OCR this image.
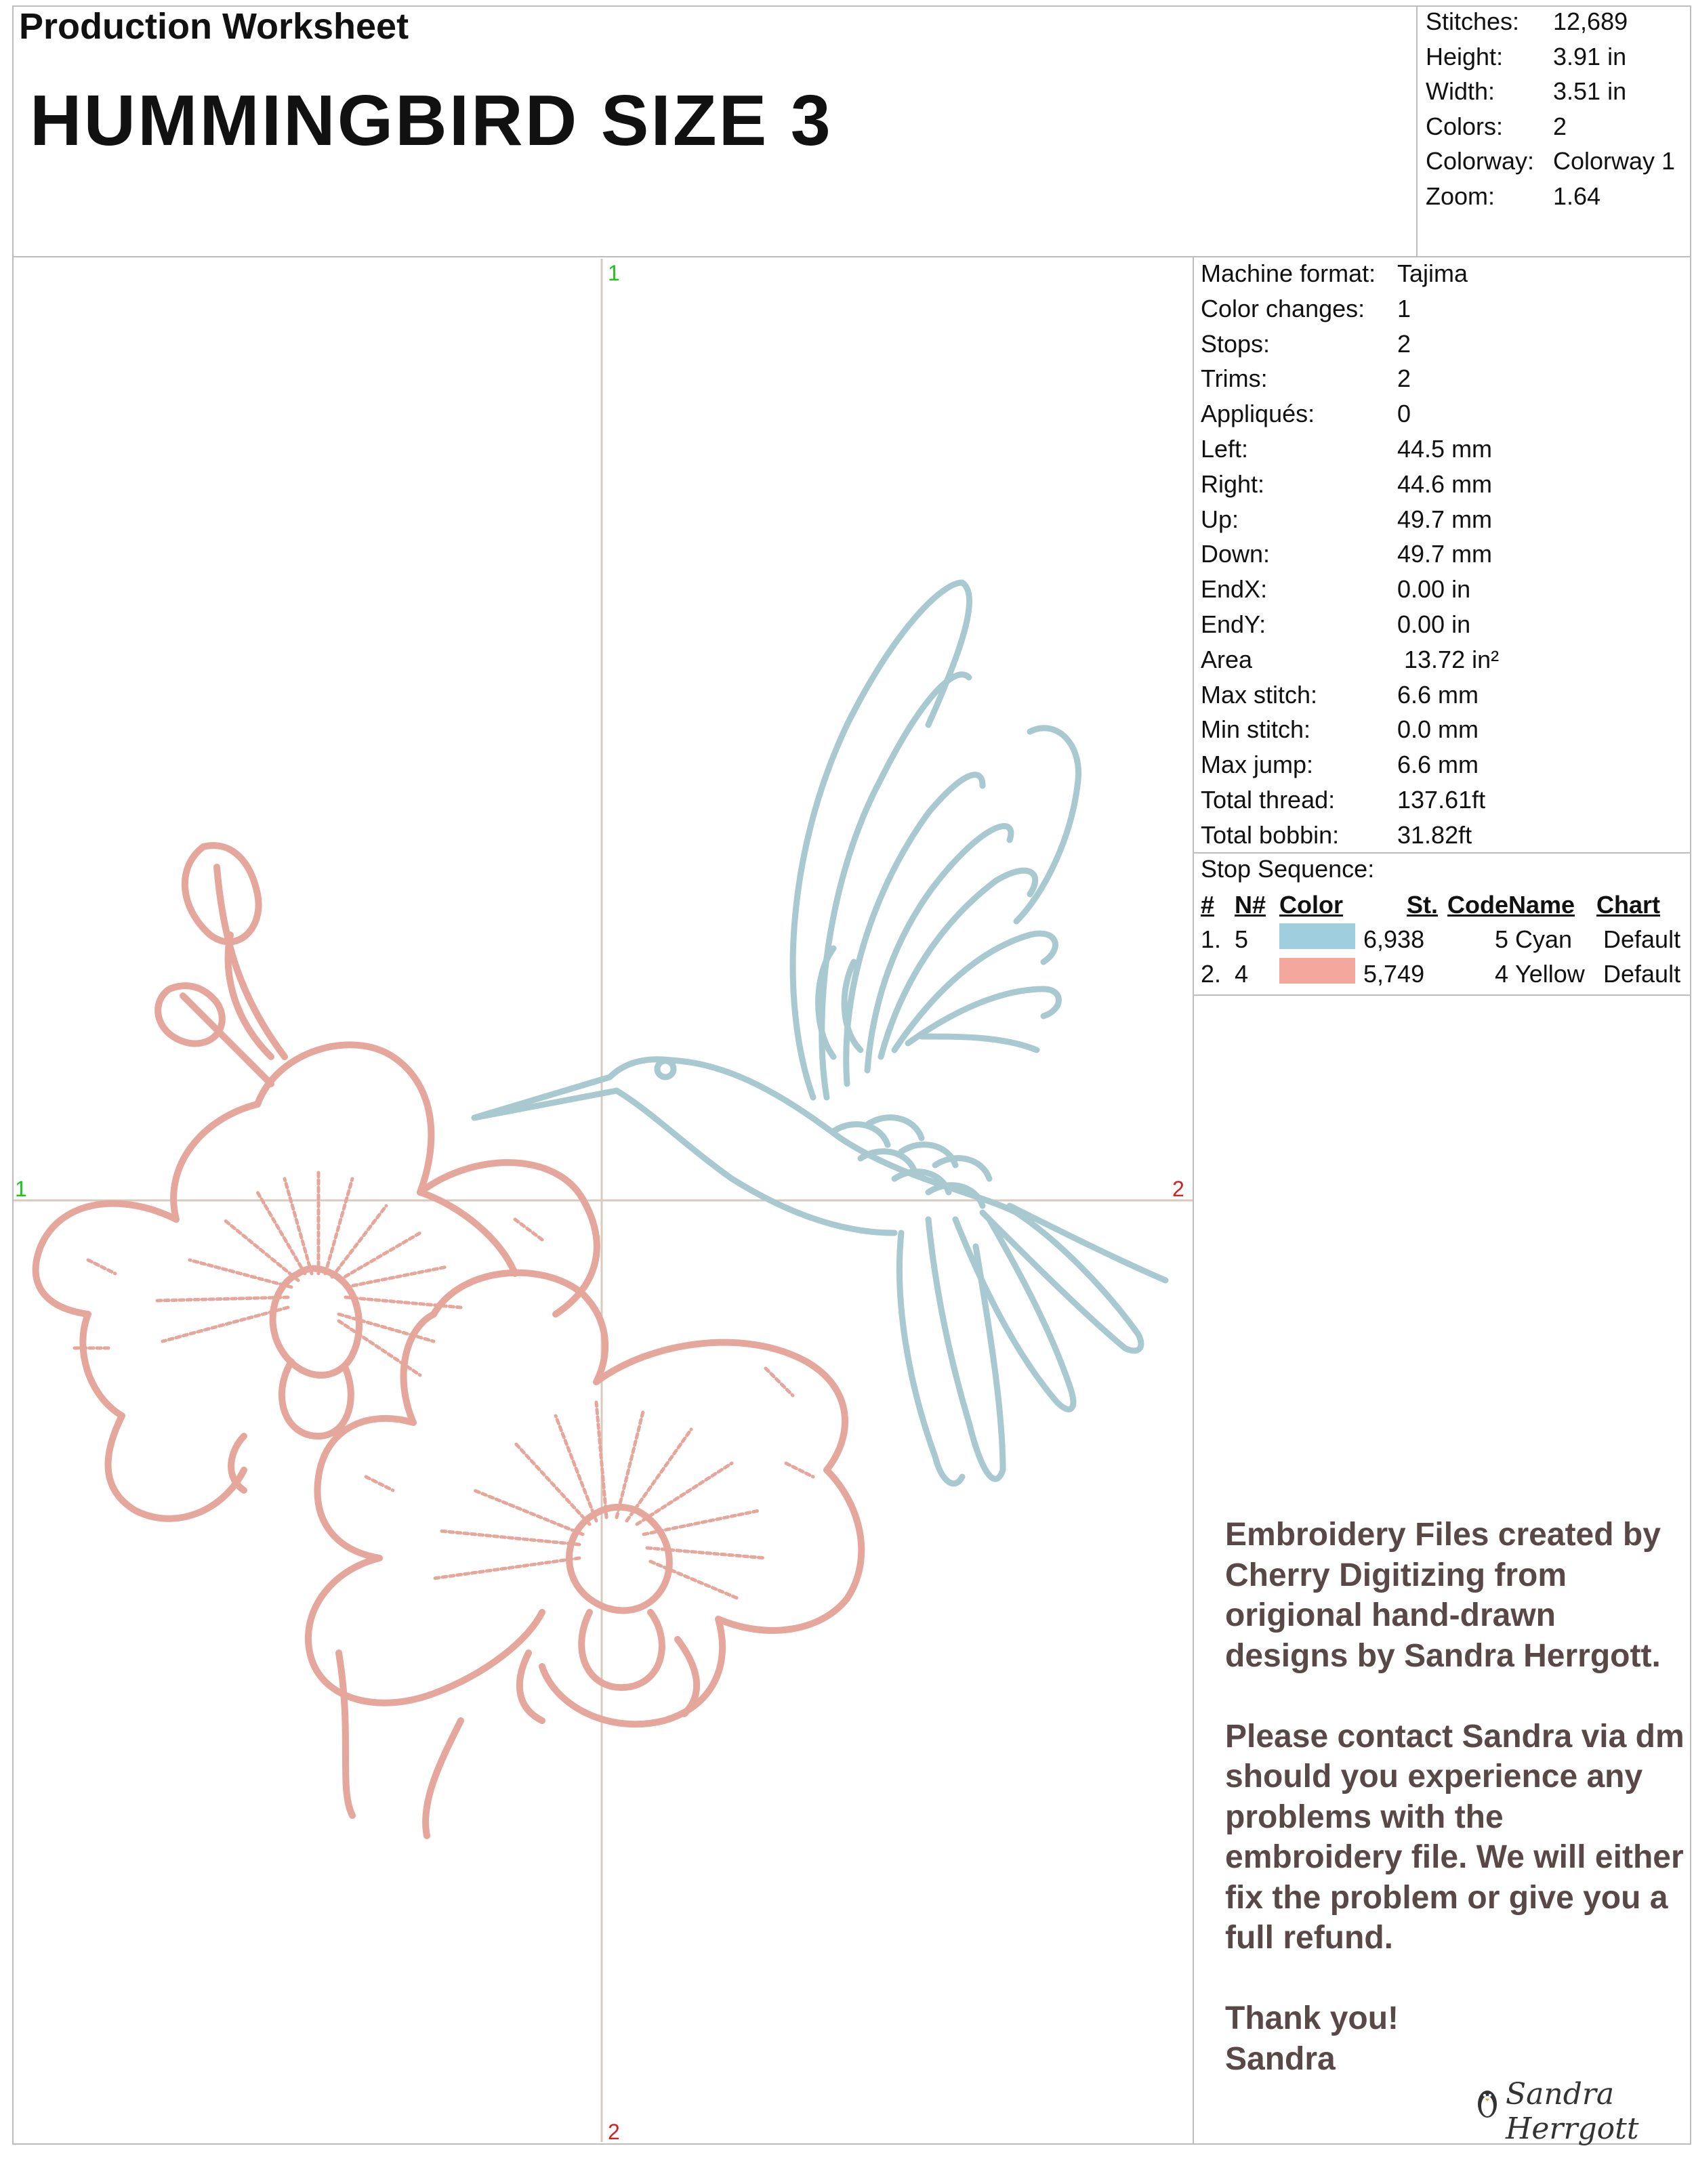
Production Worksheet
HUMMINGBIRD SIZE 3
Stitches:	12,689
Height:	3.91 in
Width:	3.51 in
Colors:	2
Colorway: Colorway 1
Zoom:	1.64
1
1	2
2
Machine format: Tajima
Color changes:	1
Stops:	2
Trims:	2
Appliqués:	0
Left:	44.5 mm
Right:	44.6 mm
Up:	49.7 mm
Down:	49.7 mm
EndX:	0.00 in
EndY:	0.00 in
Area	13.72 in²
Max stitch:	6.6 mm
Min stitch:	0.0 mm
Max jump:	6.6 mm
Total thread:	137.61ft
Total bobbin:	31.82ft
Stop Sequence:
# N# Color	St. Code Name Chart
1. 5	6,938	5 Cyan	Default
2. 4	5,749	4 Yellow Default

Embroidery Files created by Cherry Digitizing from origional hand-drawn designs by Sandra Herrgott.

Please contact Sandra via dm should you experience any problems with the embroidery file. We will either fix the problem or give you a full refund.

Thank you!
Sandra

Sandra Herrgott
